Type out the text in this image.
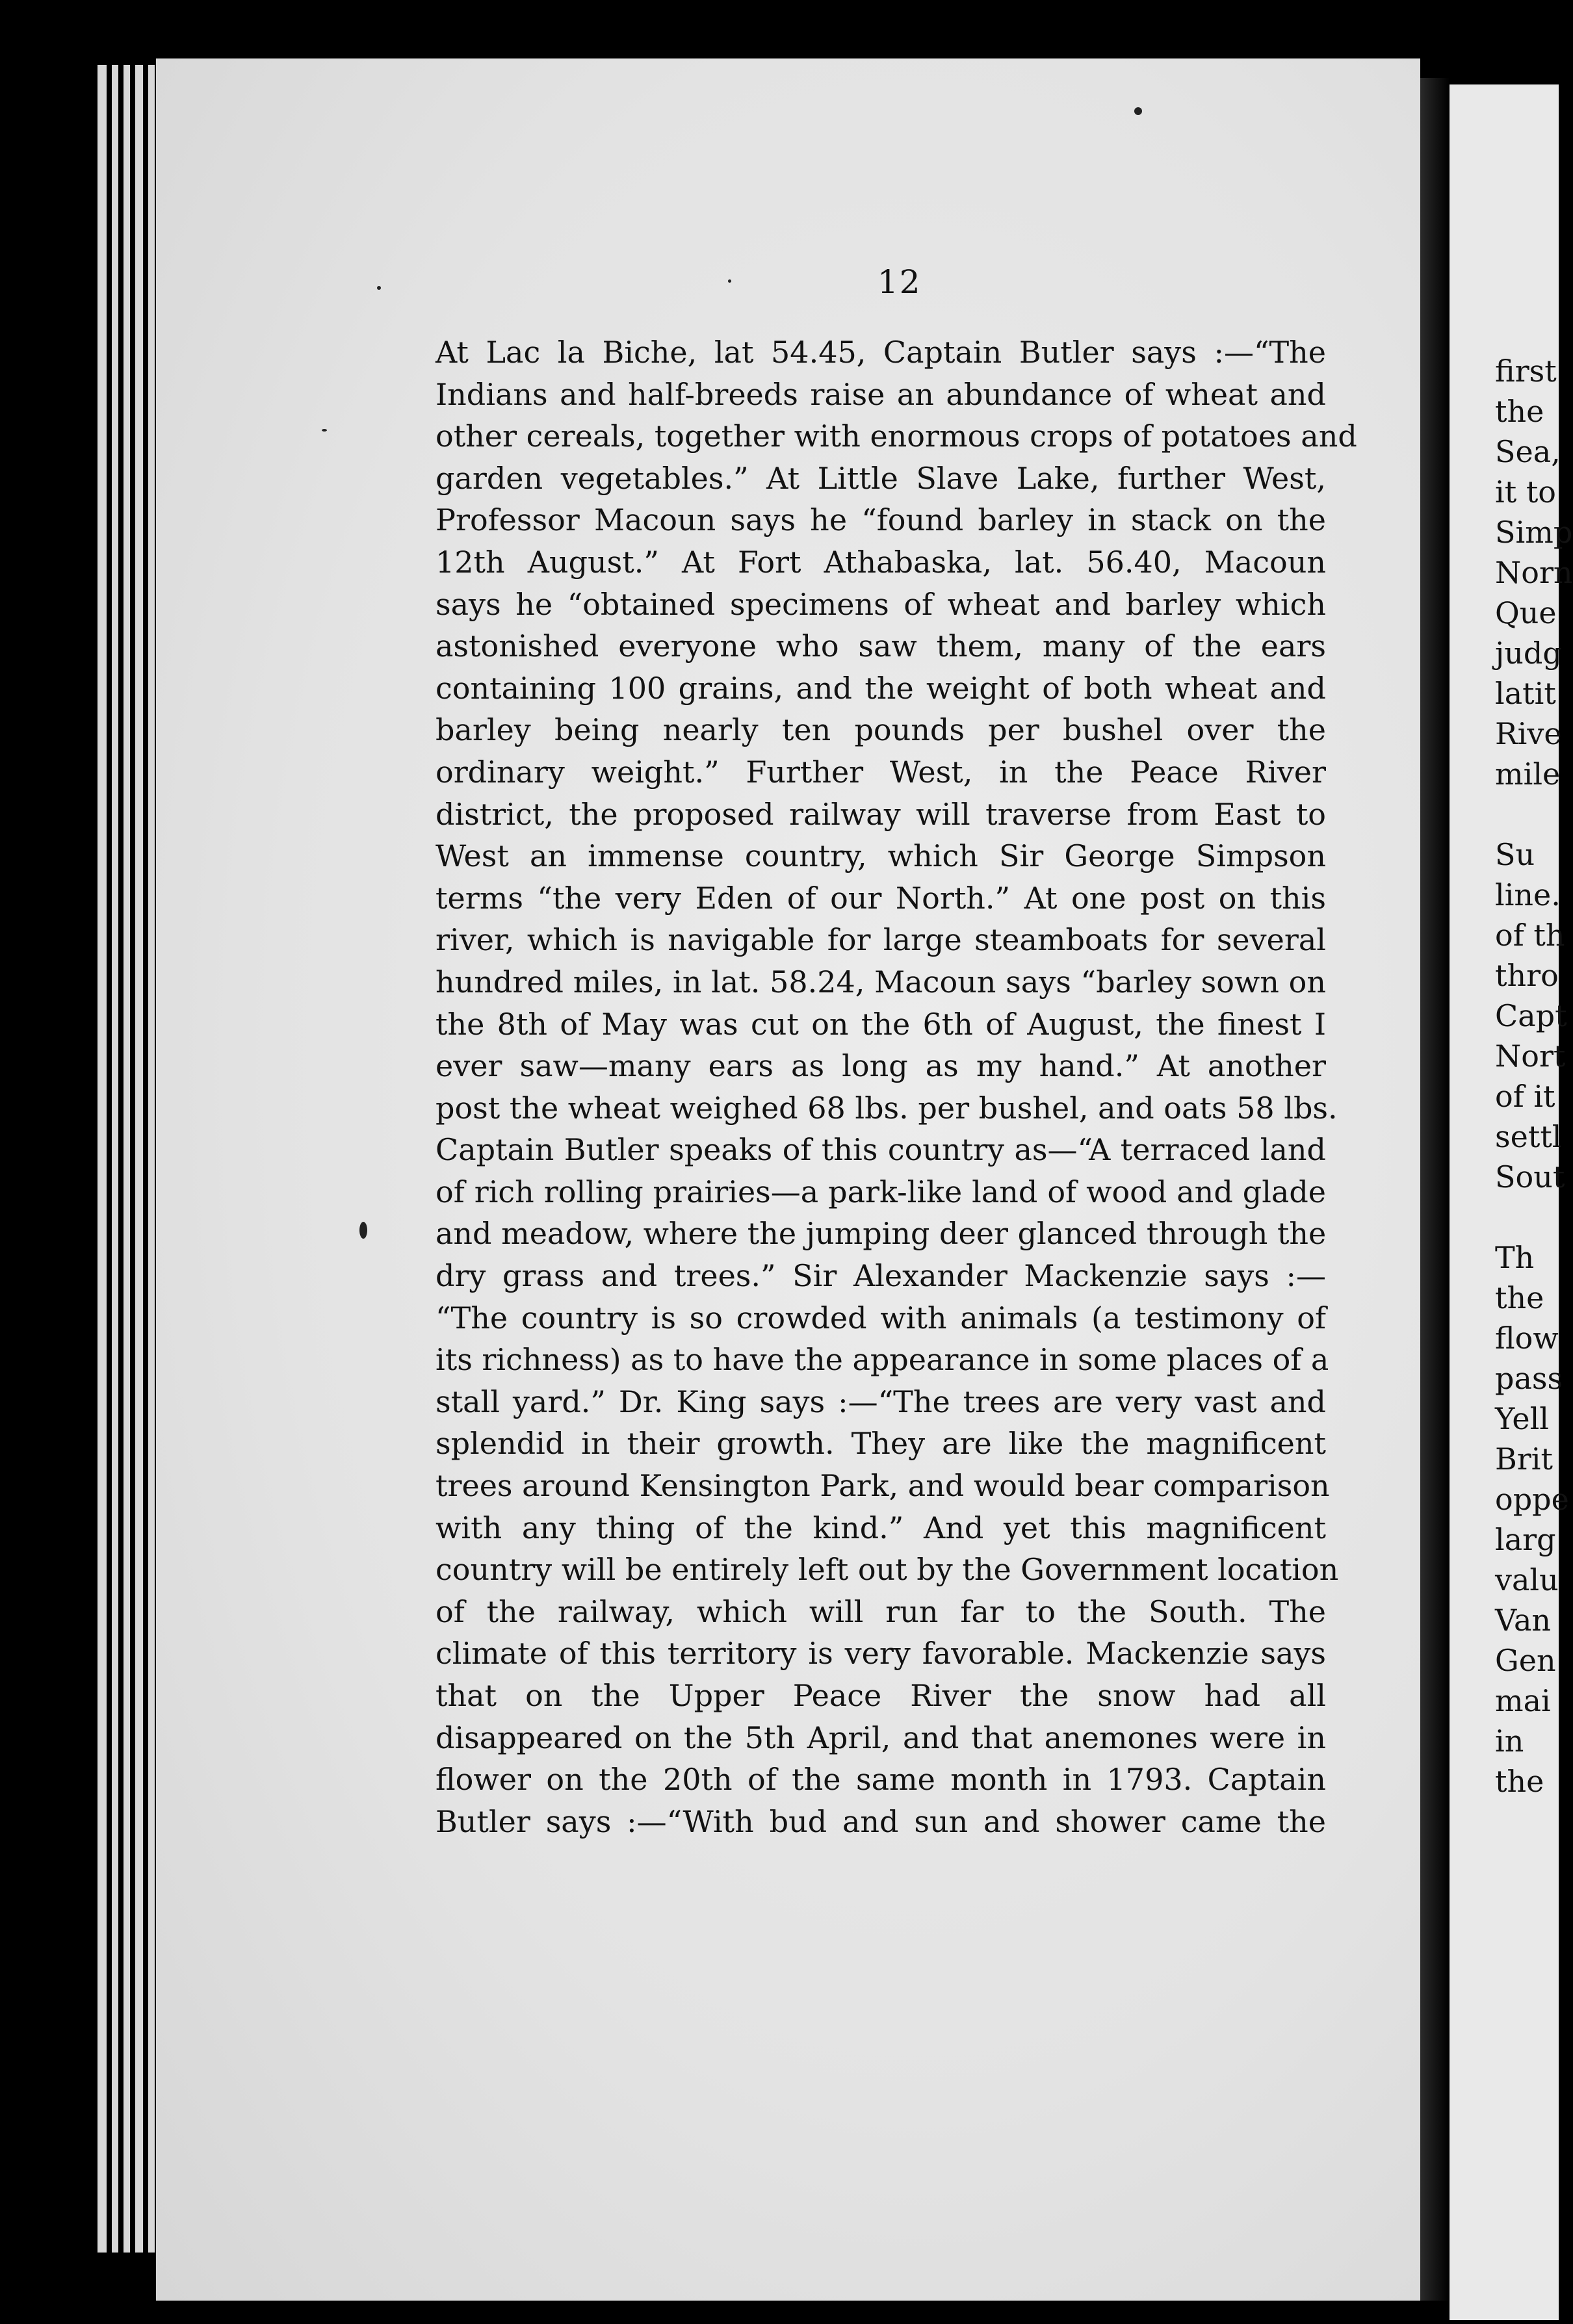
12
At Lac la Biche, lat 54.45, Captain Butler says :—“The
Indians and half-breeds raise an abundance of wheat and
other cereals, together with enormous crops of potatoes and
garden vegetables.” At Little Slave Lake, further West,
Professor Macoun says he “found barley in stack on the
12th August.” At Fort Athabaska, lat. 56.40, Macoun
says he “obtained specimens of wheat and barley which
astonished everyone who saw them, many of the ears
containing 100 grains, and the weight of both wheat and
barley being nearly ten pounds per bushel over the
ordinary weight.” Further West, in the Peace River
district, the proposed railway will traverse from East to
West an immense country, which Sir George Simpson
terms “the very Eden of our North.” At one post on this
river, which is navigable for large steamboats for several
hundred miles, in lat. 58.24, Macoun says “barley sown on
the 8th of May was cut on the 6th of August, the finest I
ever saw—many ears as long as my hand.” At another
post the wheat weighed 68 lbs. per bushel, and oats 58 lbs.
Captain Butler speaks of this country as—“A terraced land
of rich rolling prairies—a park-like land of wood and glade
and meadow, where the jumping deer glanced through the
dry grass and trees.” Sir Alexander Mackenzie says :—
“The country is so crowded with animals (a testimony of
its richness) as to have the appearance in some places of a
stall yard.” Dr. King says :—“The trees are very vast and
splendid in their growth. They are like the magnificent
trees around Kensington Park, and would bear comparison
with any thing of the kind.” And yet this magnificent
country will be entirely left out by the Government location
of the railway, which will run far to the South. The
climate of this territory is very favorable. Mackenzie says
that on the Upper Peace River the snow had all
disappeared on the 5th April, and that anemones were in
flower on the 20th of the same month in 1793. Captain
Butler says :—“With bud and sun and shower came the
first
the
Sea,
it to
Simp
Norn
Que
judg
latit
Rive
mile
Su
line.
of th
thro
Capt
Nort
of it
settl
Sout
Th
the
flow
pass
Yell
Brit
oppe
larg
valu
Van
Gen
mai
in
the
